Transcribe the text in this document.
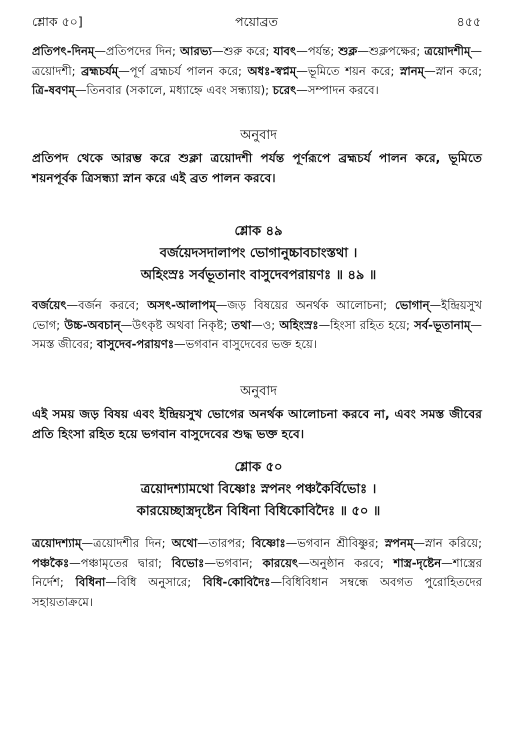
শ্লোক ৫০]	পয়োব্রত	৪৫৫
প্রতিপৎ-দিনম্—প্রতিপদের দিন; আরভ্য—শুরু করে; যাবৎ—পর্যন্ত; শুক্ল—শুক্লপক্ষের; ত্রয়োদশীম্—ত্রয়োদশী; ব্রহ্মচর্যম্—পূর্ণ ব্রহ্মচর্য পালন করে; অধঃ-স্বপ্নম্—ভূমিতে শয়ন করে; স্নানম্—স্নান করে; ত্রি-ষবণম্—তিনবার (সকালে, মধ্যাহ্নে এবং সন্ধ্যায়); চরেৎ—সম্পাদন করবে।
অনুবাদ
প্রতিপদ থেকে আরম্ভ করে শুক্লা ত্রয়োদশী পর্যন্ত পূর্ণরূপে ব্রহ্মচর্য পালন করে, ভূমিতে শয়নপূর্বক ত্রিসন্ধ্যা স্নান করে এই ব্রত পালন করবে।
শ্লোক ৪৯
বর্জয়েদসদালাপং ভোগানুচ্চাবচাংস্তথা ।
অহিংস্রঃ সর্বভূতানাং বাসুদেবপরায়ণঃ ॥ ৪৯ ॥
বর্জয়েৎ—বর্জন করবে; অসৎ-আলাপম্—জড় বিষয়ের অনর্থক আলোচনা; ভোগান্—ইন্দ্রিয়সুখ ভোগ; উচ্চ-অবচান্—উৎকৃষ্ট অথবা নিকৃষ্ট; তথা—ও; অহিংস্রঃ—হিংসা রহিত হয়ে; সর্ব-ভূতানাম্—সমস্ত জীবের; বাসুদেব-পরায়ণঃ—ভগবান বাসুদেবের ভক্ত হয়ে।
অনুবাদ
এই সময় জড় বিষয় এবং ইন্দ্রিয়সুখ ভোগের অনর্থক আলোচনা করবে না, এবং সমস্ত জীবের প্রতি হিংসা রহিত হয়ে ভগবান বাসুদেবের শুদ্ধ ভক্ত হবে।
শ্লোক ৫০
ত্রয়োদশ্যামথো বিষ্ণোঃ স্নপনং পঞ্চকৈর্বিভোঃ ।
কারয়েচ্ছাস্ত্রদৃষ্টেন বিধিনা বিধিকোবিদৈঃ ॥ ৫০ ॥
ত্রয়োদশ্যাম্—ত্রয়োদশীর দিন; অথো—তারপর; বিষ্ণোঃ—ভগবান শ্রীবিষ্ণুর; স্নপনম্—স্নান করিয়ে; পঞ্চকৈঃ—পঞ্চামৃতের দ্বারা; বিভোঃ—ভগবান; কারয়েৎ—অনুষ্ঠান করবে; শাস্ত্র-দৃষ্টেন—শাস্ত্রের নির্দেশ; বিধিনা—বিধি অনুসারে; বিধি-কোবিদৈঃ—বিধিবিধান সম্বন্ধে অবগত পুরোহিতদের সহায়তাক্রমে।
